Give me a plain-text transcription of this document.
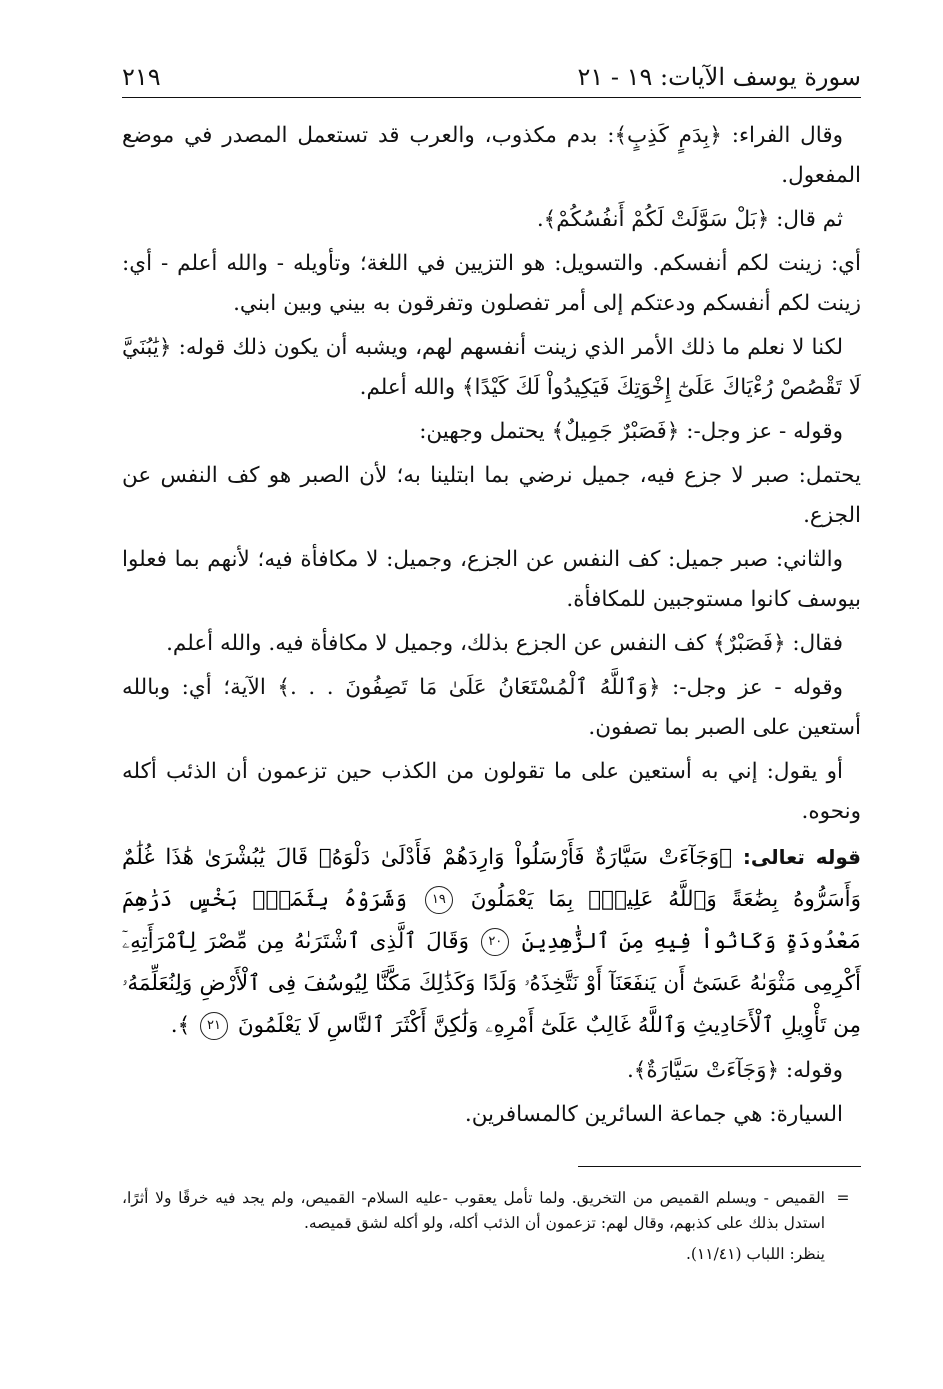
٢١٩	سورة يوسف الآيات: ١٩ - ٢١

وقال الفراء: ﴿بِدَمٍ كَذِبٍ﴾: بدم مكذوب، والعرب قد تستعمل المصدر في موضع المفعول.

ثم قال: ﴿بَلْ سَوَّلَتْ لَكُمْ أَنفُسُكُمْ﴾.

أي: زينت لكم أنفسكم. والتسويل: هو التزيين في اللغة؛ وتأويله - والله أعلم - أي: زينت لكم أنفسكم ودعتكم إلى أمر تفصلون وتفرقون به بيني وبين ابني.

لكنا لا نعلم ما ذلك الأمر الذي زينت أنفسهم لهم، ويشبه أن يكون ذلك قوله: ﴿يَٰبُنَيَّ لَا تَقْصُصْ رُءْيَاكَ عَلَىٰٓ إِخْوَتِكَ فَيَكِيدُواْ لَكَ كَيْدًا﴾ والله أعلم.

وقوله - عز وجل-: ﴿فَصَبْرٌ جَمِيلٌ﴾ يحتمل وجهين:

يحتمل: صبر لا جزع فيه، جميل نرضي بما ابتلينا به؛ لأن الصبر هو كف النفس عن الجزع.

والثاني: صبر جميل: كف النفس عن الجزع، وجميل: لا مكافأة فيه؛ لأنهم بما فعلوا بيوسف كانوا مستوجبين للمكافأة.

فقال: ﴿فَصَبْرٌ﴾ كف النفس عن الجزع بذلك، وجميل لا مكافأة فيه. والله أعلم.

وقوله - عز وجل-: ﴿وَٱللَّهُ ٱلْمُسْتَعَانُ عَلَىٰ مَا تَصِفُونَ . . .﴾ الآية؛ أي: وبالله أستعين على الصبر بما تصفون.

أو يقول: إني به أستعين على ما تقولون من الكذب حين تزعمون أن الذئب أكله ونحوه.

قوله تعالى: ﴿وَجَآءَتْ سَيَّارَةٌ فَأَرْسَلُواْ وَارِدَهُمْ فَأَدْلَىٰ دَلْوَهُۥ قَالَ يَٰبُشْرَىٰ هَٰذَا غُلَٰمٌ وَأَسَرُّوهُ بِضَٰعَةً وَٱللَّهُ عَلِيمٌۢ بِمَا يَعْمَلُونَ ١٩ وَشَرَوْهُ بِثَمَنٍۭ بَخْسٍ دَرَٰهِمَ مَعْدُودَةٍ وَكَانُواْ فِيهِ مِنَ ٱلزَّٰهِدِينَ ٢٠ وَقَالَ ٱلَّذِى ٱشْتَرَىٰهُ مِن مِّصْرَ لِٱمْرَأَتِهِۦٓ أَكْرِمِى مَثْوَىٰهُ عَسَىٰٓ أَن يَنفَعَنَآ أَوْ نَتَّخِذَهُۥ وَلَدًا وَكَذَٰلِكَ مَكَّنَّا لِيُوسُفَ فِى ٱلْأَرْضِ وَلِنُعَلِّمَهُۥ مِن تَأْوِيلِ ٱلْأَحَادِيثِ وَٱللَّهُ غَالِبٌ عَلَىٰٓ أَمْرِهِۦ وَلَٰكِنَّ أَكْثَرَ ٱلنَّاسِ لَا يَعْلَمُونَ ٢١ ﴾.

وقوله: ﴿وَجَآءَتْ سَيَّارَةٌ﴾.

السيارة: هي جماعة السائرين كالمسافرين.

=
القميص - ويسلم القميص من التخريق. ولما تأمل يعقوب -عليه السلام- القميص، ولم يجد فيه خرقًا ولا أثرًا، استدل بذلك على كذبهم، وقال لهم: تزعمون أن الذئب أكله، ولو أكله لشق قميصه.
ينظر: اللباب (١١/٤١).
